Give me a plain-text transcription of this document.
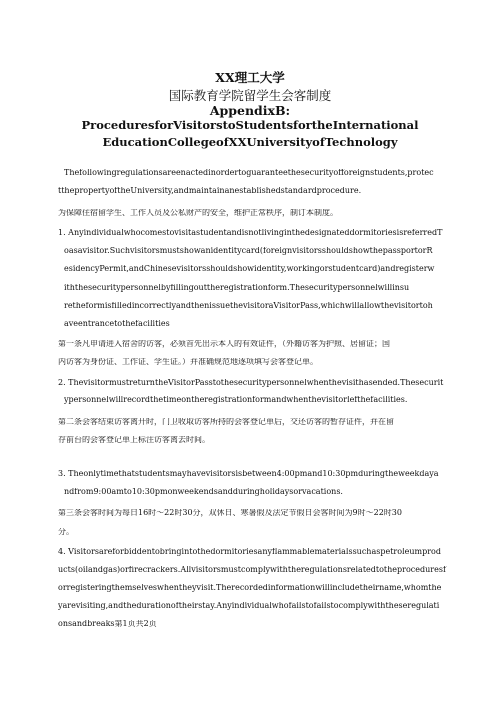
XX理工大学
国际教育学院留学生会客制度
AppendixB:
ProceduresforVisitorstoStudentsfortheInternational
EducationCollegeofXXUniversityofTechnology
Thefollowingregulationsareenactedinordertoguaranteethesecurityofforeignstudents,protec
tthepropertyoftheUniversity,andmaintainanestablishedstandardprocedure.
为保障住宿留学生、工作人员及公私财产的安全，维护正常秩序，制订本制度。
1. AnyindividualwhocomestovisitastudentandisnotlivinginthedesignateddormitoriesisreferredT
oasavisitor.Suchvisitorsmustshowanidentitycard(foreignvisitorsshouldshowthepassportorR
esidencyPermit,andChinesevisitorsshouldshowidentity,workingorstudentcard)andregisterw
iththesecuritypersonnelbyfillingouttheregistrationform.Thesecuritypersonnelwillinsu
retheformisfilledincorrectlyandthenissuethevisitoraVisitorPass,whichwillallowthevisitortoh
aveentrancetothefacilities
第一条凡申请进入宿舍的访客，必须首先出示本人的有效证件，（外籍访客为护照、居留证；国
内访客为身份证、工作证、学生证。）并准确规范地逐项填写会客登记单。
2. ThevisitormustreturntheVisitorPasstothesecuritypersonnelwhenthevisithasended.Thesecurit
ypersonnelwillrecordthetimeontheregistrationformandwhenthevisitorlefthefacilities.
第二条会客结束访客离开时，门卫收取访客所持的会客登记单后，交还访客的暂存证件，并在留
存前台的会客登记单上标注访客离去时间。
3. Theonlytimethatstudentsmayhavevisitorsisbetween4:00pmand10:30pmduringtheweekdaya
ndfrom9:00amto10:30pmonweekendsandduringholidaysorvacations.
第三条会客时间为每日16时～22时30分，双休日、寒暑假及法定节假日会客时间为9时～22时30
分。
4. Visitorsareforbiddentobringintothedormitoriesanyflammablematerialssuchaspetroleumprod
ucts(oilandgas)orfirecrackers.Allvisitorsmustcomplywiththeregulationsrelatedtotheproceduresf
orregisteringthemselveswhentheyvisit.Therecordedinformationwillincludetheirname,whomthe
yarevisiting,andthedurationoftheirstay.Anyindividualwhofailstofailstocomplywiththeseregulati
onsandbreaks第1页共2页
